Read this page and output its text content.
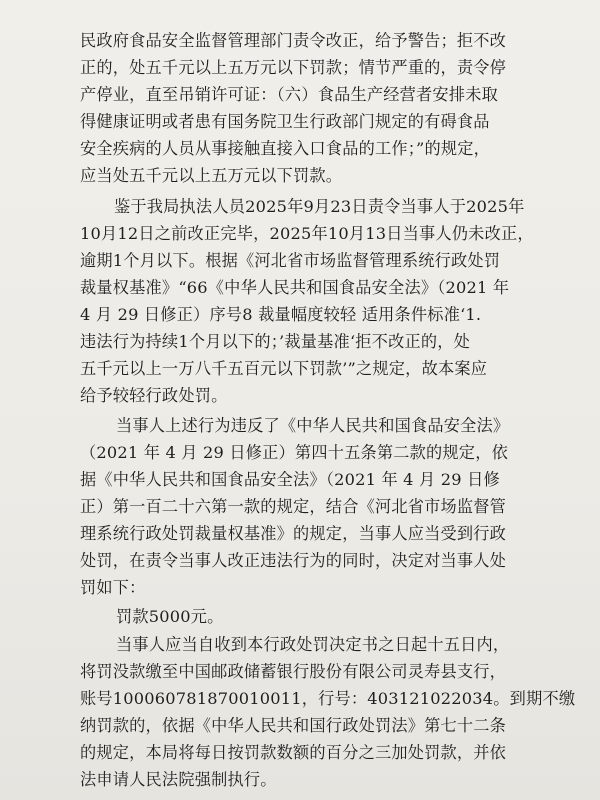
民政府食品安全监督管理部门责令改正，给予警告；拒不改
正的，处五千元以上五万元以下罚款；情节严重的，责令停
产停业，直至吊销许可证：（六）食品生产经营者安排未取
得健康证明或者患有国务院卫生行政部门规定的有碍食品
安全疾病的人员从事接触直接入口食品的工作；”的规定，
应当处五千元以上五万元以下罚款。
鉴于我局执法人员2025年9月23日责令当事人于2025年
10月12日之前改正完毕，2025年10月13日当事人仍未改正，
逾期1个月以下。根据《河北省市场监督管理系统行政处罚
裁量权基准》“66《中华人民共和国食品安全法》（2021 年
4 月 29 日修正）序号8 裁量幅度较轻 适用条件标准‘1.
违法行为持续1个月以下的；’裁量基准‘拒不改正的，处
五千元以上一万八千五百元以下罚款’”之规定，故本案应
给予较轻行政处罚。
当事人上述行为违反了《中华人民共和国食品安全法》
（2021 年 4 月 29 日修正）第四十五条第二款的规定，依
据《中华人民共和国食品安全法》（2021 年 4 月 29 日修
正）第一百二十六第一款的规定，结合《河北省市场监督管
理系统行政处罚裁量权基准》的规定，当事人应当受到行政
处罚，在责令当事人改正违法行为的同时，决定对当事人处
罚如下：
罚款5000元。
当事人应当自收到本行政处罚决定书之日起十五日内，
将罚没款缴至中国邮政储蓄银行股份有限公司灵寿县支行，
账号100060781870010011，行号：403121022034。到期不缴
纳罚款的，依据《中华人民共和国行政处罚法》第七十二条
的规定，本局将每日按罚款数额的百分之三加处罚款，并依
法申请人民法院强制执行。
